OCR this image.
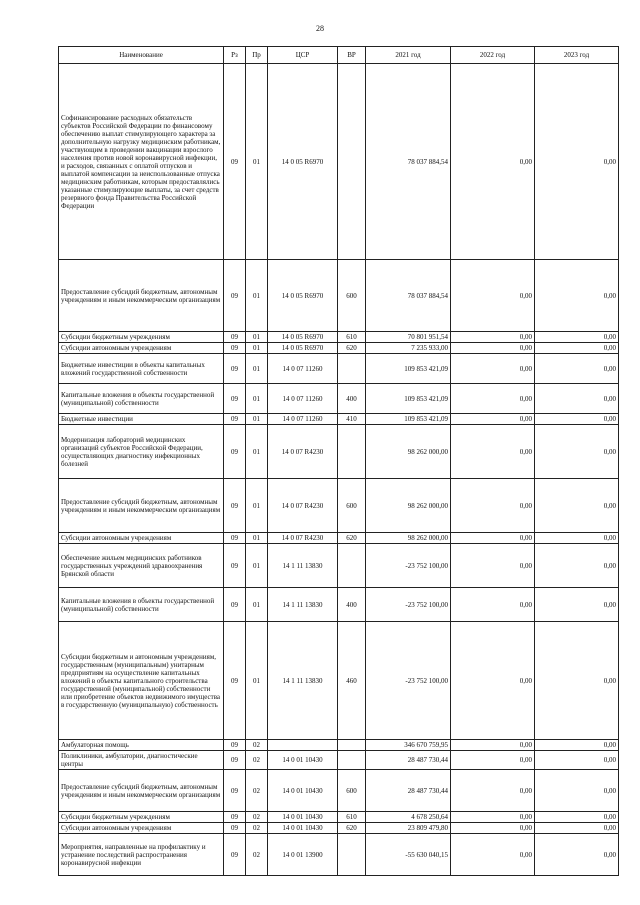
28
Наименование	Рз	Пр	ЦСР	ВР	2021 год	2022 год	2023 год
Софинансирование расходных обязательств субъектов Российской Федерации по финансовому обеспечению выплат стимулирующего характера за дополнительную нагрузку медицинским работникам, участвующим в проведении вакцинации взрослого населения против новой коронавирусной инфекции, и расходов, связанных с оплатой отпусков и выплатой компенсации за неиспользованные отпуска медицинским работникам, которым предоставлялись указанные стимулирующие выплаты, за счет средств резервного фонда Правительства Российской Федерации	09	01	14 0 05 R6970		78 037 884,54	0,00	0,00
Предоставление субсидий бюджетным, автономным учреждениям и иным некоммерческим организациям	09	01	14 0 05 R6970	600	78 037 884,54	0,00	0,00
Субсидии бюджетным учреждениям	09	01	14 0 05 R6970	610	70 801 951,54	0,00	0,00
Субсидии автономным учреждениям	09	01	14 0 05 R6970	620	7 235 933,00	0,00	0,00
Бюджетные инвестиции в объекты капитальных вложений государственной собственности	09	01	14 0 07 11260		109 853 421,09	0,00	0,00
Капитальные вложения в объекты государственной (муниципальной) собственности	09	01	14 0 07 11260	400	109 853 421,09	0,00	0,00
Бюджетные инвестиции	09	01	14 0 07 11260	410	109 853 421,09	0,00	0,00
Модернизация лабораторий медицинских организаций субъектов Российской Федерации, осуществляющих диагностику инфекционных болезней	09	01	14 0 07 R4230		98 262 000,00	0,00	0,00
Предоставление субсидий бюджетным, автономным учреждениям и иным некоммерческим организациям	09	01	14 0 07 R4230	600	98 262 000,00	0,00	0,00
Субсидии автономным учреждениям	09	01	14 0 07 R4230	620	98 262 000,00	0,00	0,00
Обеспечение жильем медицинских работников государственных учреждений здравоохранения Брянской области	09	01	14 1 11 13830		-23 752 100,00	0,00	0,00
Капитальные вложения в объекты государственной (муниципальной) собственности	09	01	14 1 11 13830	400	-23 752 100,00	0,00	0,00
Субсидии бюджетным и автономным учреждениям, государственным (муниципальным) унитарным предприятиям на осуществление капитальных вложений в объекты капитального строительства государственной (муниципальной) собственности или приобретение объектов недвижимого имущества в государственную (муниципальную) собственность	09	01	14 1 11 13830	460	-23 752 100,00	0,00	0,00
Амбулаторная помощь	09	02			346 670 759,95	0,00	0,00
Поликлиники, амбулатории, диагностические центры	09	02	14 0 01 10430		28 487 730,44	0,00	0,00
Предоставление субсидий бюджетным, автономным учреждениям и иным некоммерческим организациям	09	02	14 0 01 10430	600	28 487 730,44	0,00	0,00
Субсидии бюджетным учреждениям	09	02	14 0 01 10430	610	4 678 250,64	0,00	0,00
Субсидии автономным учреждениям	09	02	14 0 01 10430	620	23 809 479,80	0,00	0,00
Мероприятия, направленные на профилактику и устранение последствий распространения коронавирусной инфекции	09	02	14 0 01 13900		-55 630 040,15	0,00	0,00
